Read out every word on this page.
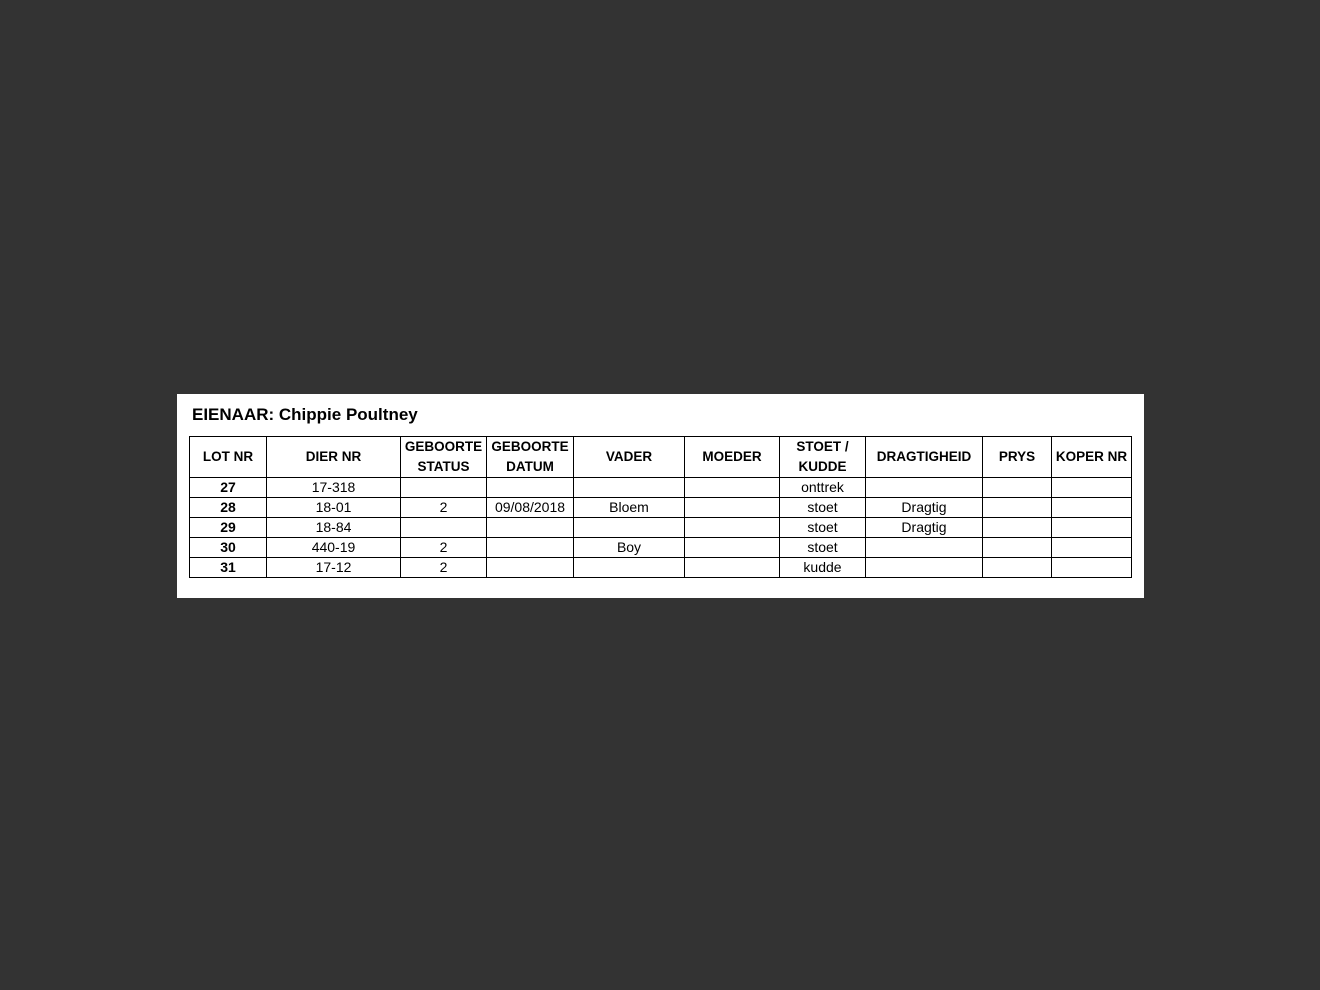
EIENAAR: Chippie Poultney
LOT NR	DIER NR	GEBOORTE STATUS	GEBOORTE DATUM	VADER	MOEDER	STOET / KUDDE	DRAGTIGHEID	PRYS	KOPER NR
27	17-318					onttrek			
28	18-01	2	09/08/2018	Bloem		stoet	Dragtig		
29	18-84					stoet	Dragtig		
30	440-19	2		Boy		stoet			
31	17-12	2				kudde			
